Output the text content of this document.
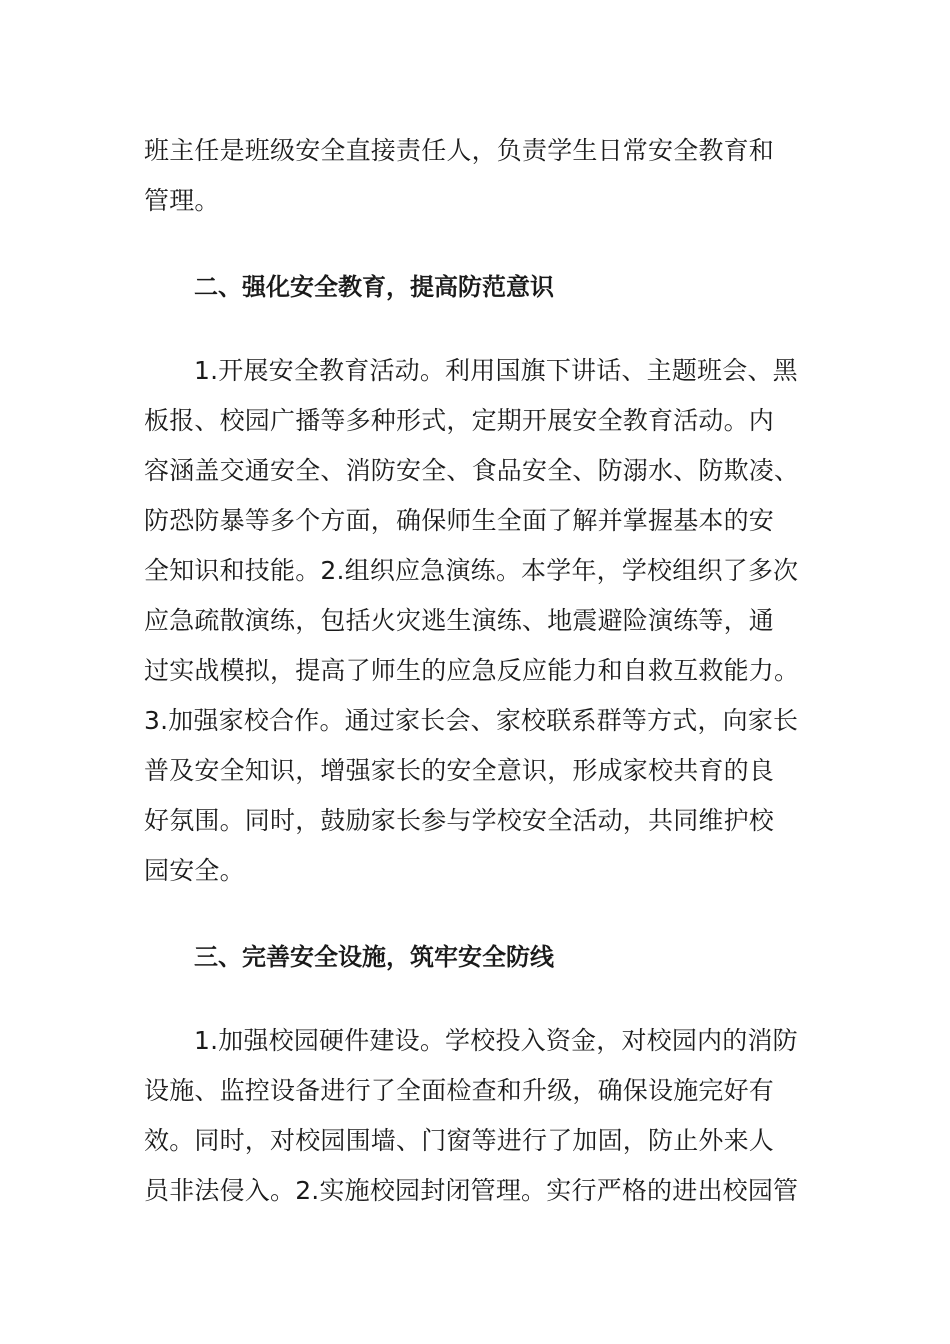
班主任是班级安全直接责任人，负责学生日常安全教育和
管理。
二、强化安全教育，提高防范意识
1.开展安全教育活动。利用国旗下讲话、主题班会、黑
板报、校园广播等多种形式，定期开展安全教育活动。内
容涵盖交通安全、消防安全、食品安全、防溺水、防欺凌、
防恐防暴等多个方面，确保师生全面了解并掌握基本的安
全知识和技能。2.组织应急演练。本学年，学校组织了多次
应急疏散演练，包括火灾逃生演练、地震避险演练等，通
过实战模拟，提高了师生的应急反应能力和自救互救能力。
3.加强家校合作。通过家长会、家校联系群等方式，向家长
普及安全知识，增强家长的安全意识，形成家校共育的良
好氛围。同时，鼓励家长参与学校安全活动，共同维护校
园安全。
三、完善安全设施，筑牢安全防线
1.加强校园硬件建设。学校投入资金，对校园内的消防
设施、监控设备进行了全面检查和升级，确保设施完好有
效。同时，对校园围墙、门窗等进行了加固，防止外来人
员非法侵入。2.实施校园封闭管理。实行严格的进出校园管
